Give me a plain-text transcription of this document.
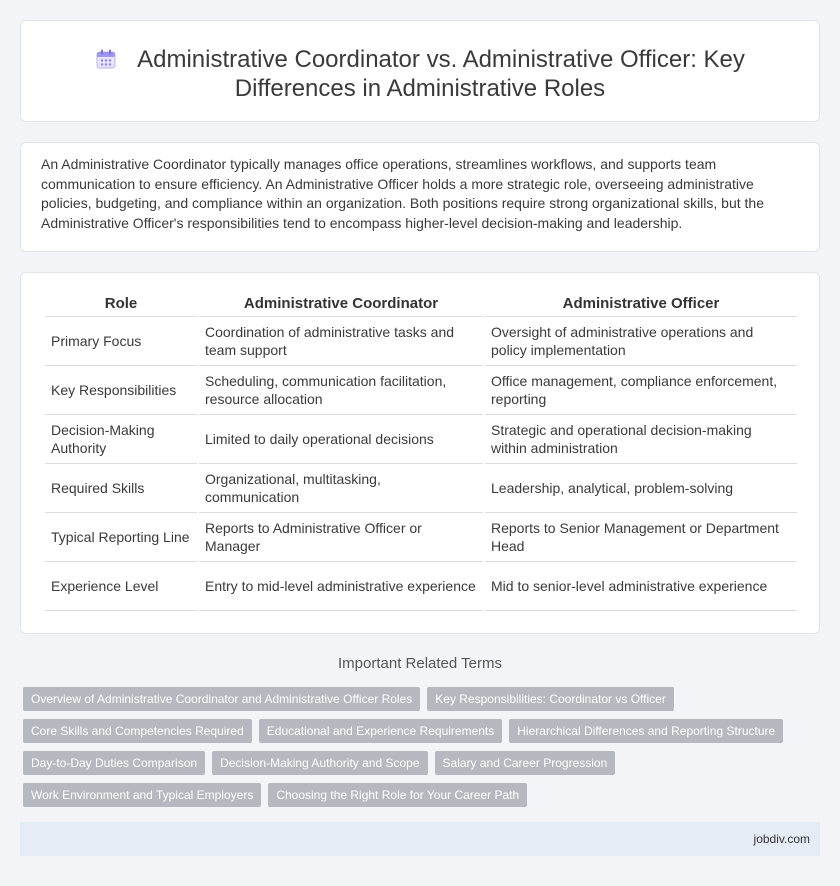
Administrative Coordinator vs. Administrative Officer: Key Differences in Administrative Roles

An Administrative Coordinator typically manages office operations, streamlines workflows, and supports team communication to ensure efficiency. An Administrative Officer holds a more strategic role, overseeing administrative policies, budgeting, and compliance within an organization. Both positions require strong organizational skills, but the Administrative Officer's responsibilities tend to encompass higher-level decision-making and leadership.

Role	Administrative Coordinator	Administrative Officer
Primary Focus	Coordination of administrative tasks and team support	Oversight of administrative operations and policy implementation
Key Responsibilities	Scheduling, communication facilitation, resource allocation	Office management, compliance enforcement, reporting
Decision-Making Authority	Limited to daily operational decisions	Strategic and operational decision-making within administration
Required Skills	Organizational, multitasking, communication	Leadership, analytical, problem-solving
Typical Reporting Line	Reports to Administrative Officer or Manager	Reports to Senior Management or Department Head
Experience Level	Entry to mid-level administrative experience	Mid to senior-level administrative experience
Important Related Terms
Overview of Administrative Coordinator and Administrative Officer Roles	Key Responsibilities: Coordinator vs Officer
Core Skills and Competencies Required	Educational and Experience Requirements	Hierarchical Differences and Reporting Structure
Day-to-Day Duties Comparison	Decision-Making Authority and Scope	Salary and Career Progression
Work Environment and Typical Employers	Choosing the Right Role for Your Career Path
jobdiv.com
